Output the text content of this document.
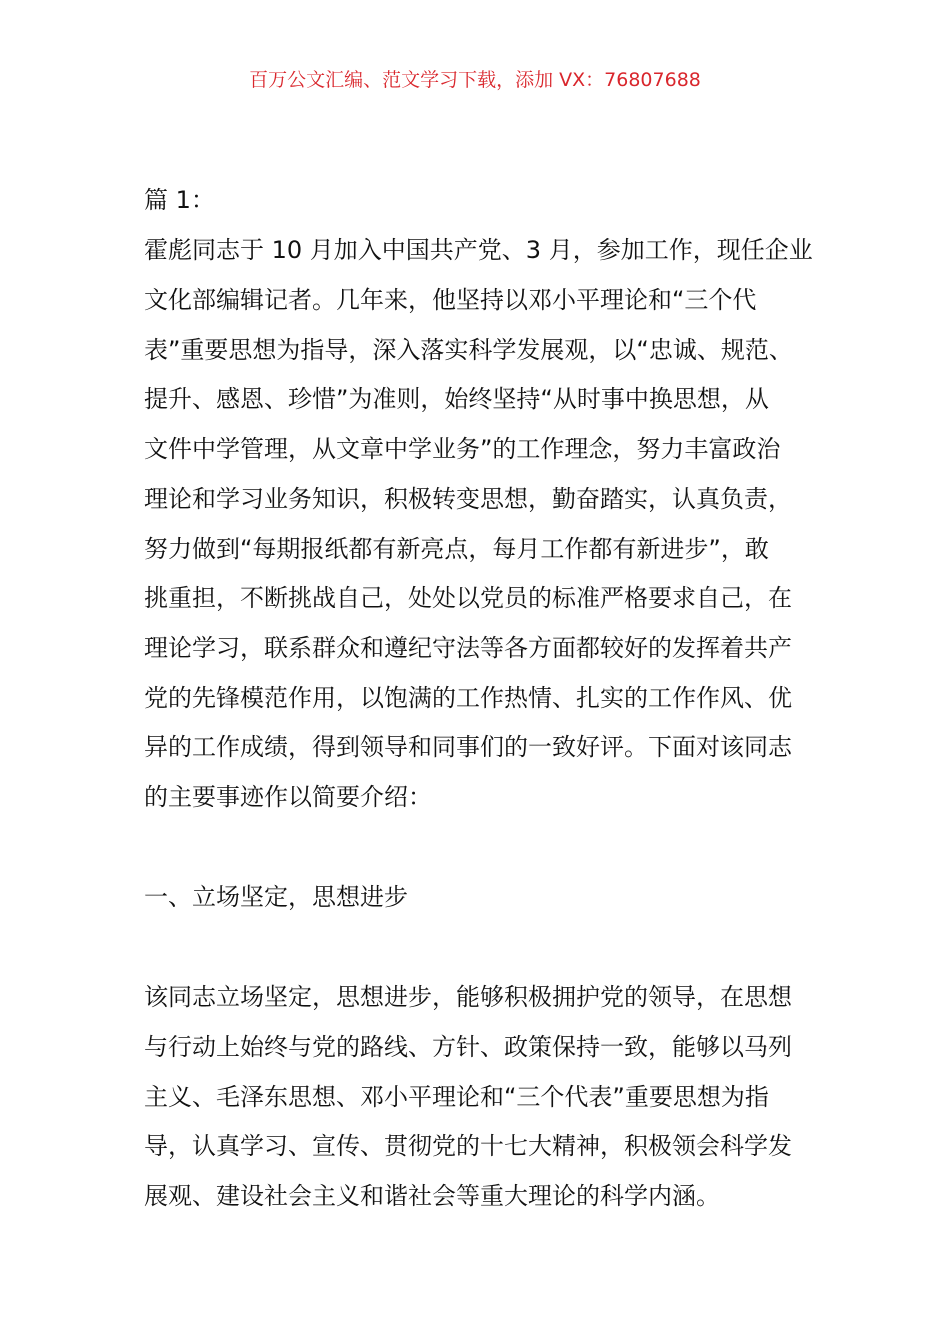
百万公文汇编、范文学习下载，添加 VX：76807688
篇 1：
霍彪同志于 10 月加入中国共产党、3 月，参加工作，现任企业
文化部编辑记者。几年来，他坚持以邓小平理论和“三个代
表”重要思想为指导，深入落实科学发展观，以“忠诚、规范、
提升、感恩、珍惜”为准则，始终坚持“从时事中换思想，从
文件中学管理，从文章中学业务”的工作理念，努力丰富政治
理论和学习业务知识，积极转变思想，勤奋踏实，认真负责，
努力做到“每期报纸都有新亮点，每月工作都有新进步”，敢
挑重担，不断挑战自己，处处以党员的标准严格要求自己，在
理论学习，联系群众和遵纪守法等各方面都较好的发挥着共产
党的先锋模范作用，以饱满的工作热情、扎实的工作作风、优
异的工作成绩，得到领导和同事们的一致好评。下面对该同志
的主要事迹作以简要介绍：
一、立场坚定，思想进步
该同志立场坚定，思想进步，能够积极拥护党的领导，在思想
与行动上始终与党的路线、方针、政策保持一致，能够以马列
主义、毛泽东思想、邓小平理论和“三个代表”重要思想为指
导，认真学习、宣传、贯彻党的十七大精神，积极领会科学发
展观、建设社会主义和谐社会等重大理论的科学内涵。
